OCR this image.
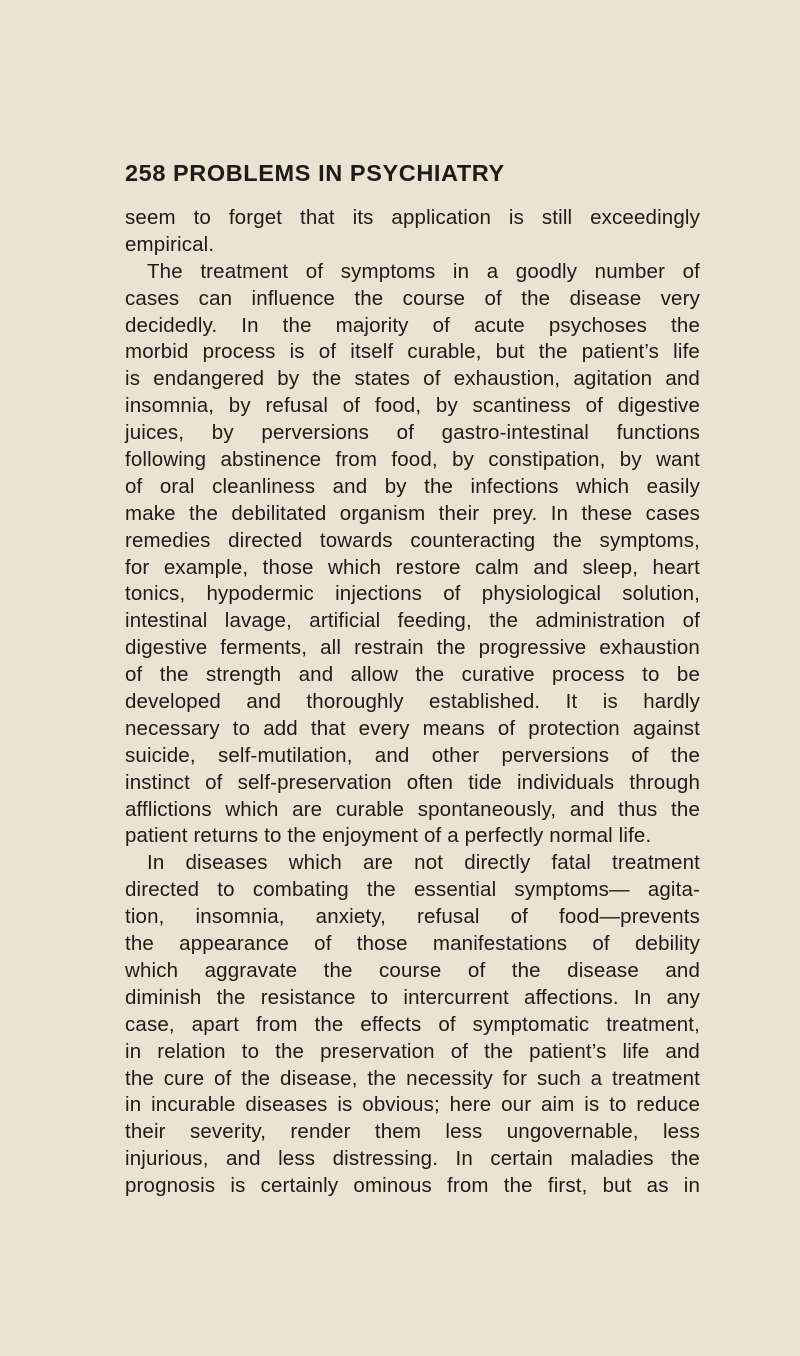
258 PROBLEMS IN PSYCHIATRY
seem to forget that its application is still exceedingly
empirical.
The treatment of symptoms in a goodly number of
cases can influence the course of the disease very
decidedly. In the majority of acute psychoses the
morbid process is of itself curable, but the patient’s life
is endangered by the states of exhaustion, agitation and
insomnia, by refusal of food, by scantiness of digestive
juices, by perversions of gastro-intestinal functions
following abstinence from food, by constipation, by want
of oral cleanliness and by the infections which easily
make the debilitated organism their prey. In these cases
remedies directed towards counteracting the symptoms,
for example, those which restore calm and sleep, heart
tonics, hypodermic injections of physiological solution,
intestinal lavage, artificial feeding, the administration of
digestive ferments, all restrain the progressive exhaustion
of the strength and allow the curative process to be
developed and thoroughly established. It is hardly
necessary to add that every means of protection against
suicide, self-mutilation, and other perversions of the
instinct of self-preservation often tide individuals through
afflictions which are curable spontaneously, and thus the
patient returns to the enjoyment of a perfectly normal life.
In diseases which are not directly fatal treatment
directed to combating the essential symptoms— agita-
tion, insomnia, anxiety, refusal of food—prevents
the appearance of those manifestations of debility
which aggravate the course of the disease and
diminish the resistance to intercurrent affections. In any
case, apart from the effects of symptomatic treatment,
in relation to the preservation of the patient’s life and
the cure of the disease, the necessity for such a treatment
in incurable diseases is obvious; here our aim is to reduce
their severity, render them less ungovernable, less
injurious, and less distressing. In certain maladies the
prognosis is certainly ominous from the first, but as in
